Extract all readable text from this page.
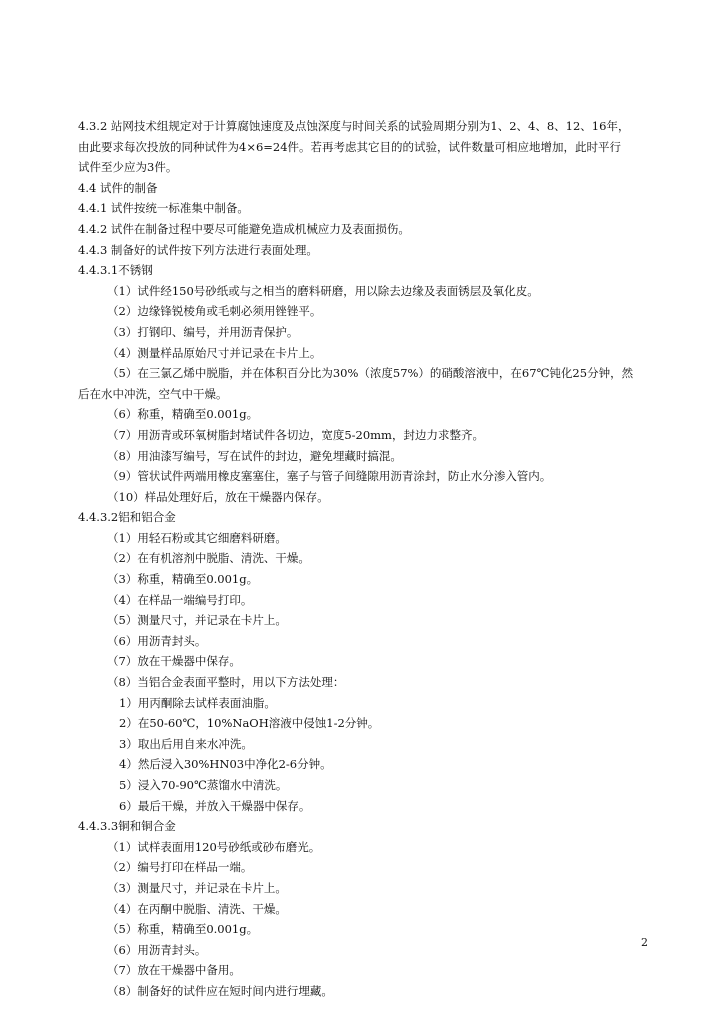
4.3.2 站网技术组规定对于计算腐蚀速度及点蚀深度与时间关系的试验周期分别为1、2、4、8、12、16年，
由此要求每次投放的同种试件为4×6=24件。若再考虑其它目的的试验，试件数量可相应地增加，此时平行
试件至少应为3件。
4.4 试件的制备
4.4.1 试件按统一标准集中制备。
4.4.2 试件在制备过程中要尽可能避免造成机械应力及表面损伤。
4.4.3 制备好的试件按下列方法进行表面处理。
4.4.3.1不锈钢
（1）试件经150号砂纸或与之相当的磨料研磨，用以除去边缘及表面锈层及氧化皮。
（2）边缘锋锐棱角或毛刺必须用锉锉平。
（3）打钢印、编号，并用沥青保护。
（4）测量样品原始尺寸并记录在卡片上。
（5）在三氯乙烯中脱脂，并在体积百分比为30%（浓度57%）的硝酸溶液中，在67℃钝化25分钟，然
后在水中冲洗，空气中干燥。
（6）称重，精确至0.001g。
（7）用沥青或环氧树脂封堵试件各切边，宽度5-20mm，封边力求整齐。
（8）用油漆写编号，写在试件的封边，避免埋藏时搞混。
（9）管状试件两端用橡皮塞塞住，塞子与管子间缝隙用沥青涂封，防止水分渗入管内。
（10）样品处理好后，放在干燥器内保存。
4.4.3.2铝和铝合金
（1）用轻石粉或其它细磨料研磨。
（2）在有机溶剂中脱脂、清洗、干燥。
（3）称重，精确至0.001g。
（4）在样品一端编号打印。
（5）测量尺寸，并记录在卡片上。
（6）用沥青封头。
（7）放在干燥器中保存。
（8）当铝合金表面平整时，用以下方法处理：
1）用丙酮除去试样表面油脂。
2）在50-60℃，10%NaOH溶液中侵蚀1-2分钟。
3）取出后用自来水冲洗。
4）然后浸入30%HN03中净化2-6分钟。
5）浸入70-90℃蒸馏水中清洗。
6）最后干燥，并放入干燥器中保存。
4.4.3.3铜和铜合金
（1）试样表面用120号砂纸或砂布磨光。
（2）编号打印在样品一端。
（3）测量尺寸，并记录在卡片上。
（4）在丙酮中脱脂、清洗、干燥。
（5）称重，精确至0.001g。
（6）用沥青封头。
（7）放在干燥器中备用。
（8）制备好的试件应在短时间内进行埋藏。
2
